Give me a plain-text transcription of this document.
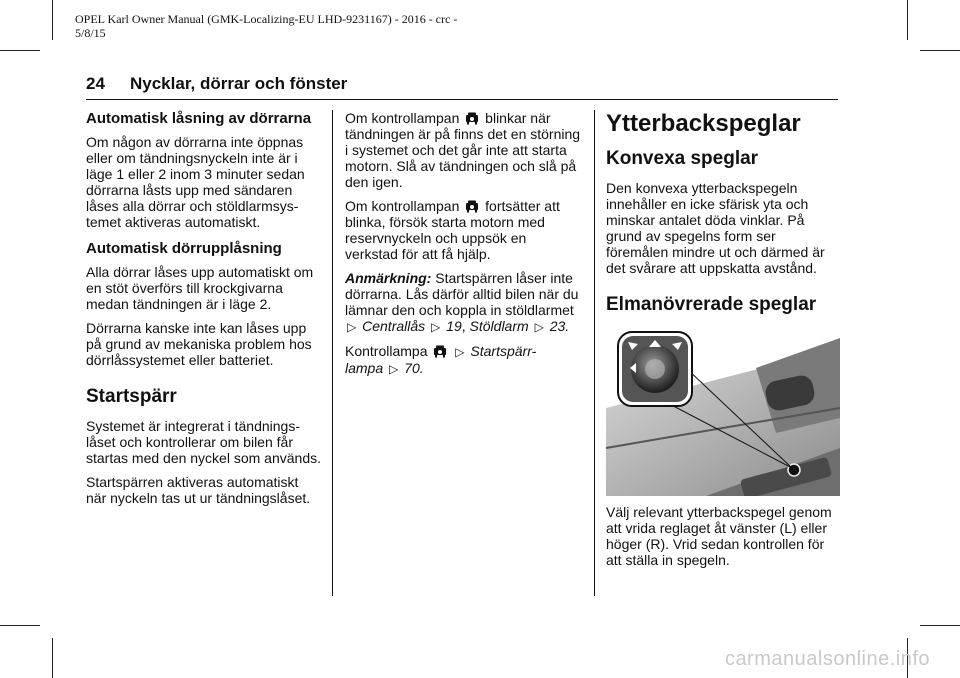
OPEL Karl Owner Manual (GMK-Localizing-EU LHD-9231167) - 2016 - crc -
5/8/15
24 Nycklar, dörrar och fönster
Automatisk låsning av dörrarna

Om någon av dörrarna inte öppnas eller om tändningsnyckeln inte är i läge 1 eller 2 inom 3 minuter sedan dörrarna låsts upp med sändaren låses alla dörrar och stöldlarmsys-temet aktiveras automatiskt.

Automatisk dörrupplåsning

Alla dörrar låses upp automatiskt om en stöt överförs till krockgivarna medan tändningen är i läge 2.

Dörrarna kanske inte kan låses upp på grund av mekaniska problem hos dörrlåssystemet eller batteriet.

Startspärr

Systemet är integrerat i tändnings-låset och kontrollerar om bilen får startas med den nyckel som används.

Startspärren aktiveras automatiskt när nyckeln tas ut ur tändningslåset.

Om kontrollampan blinkar när tändningen är på finns det en störning i systemet och det går inte att starta motorn. Slå av tändningen och slå på den igen.

Om kontrollampan fortsätter att blinka, försök starta motorn med reservnyckeln och uppsök en verkstad för att få hjälp.

Anmärkning: Startspärren låser inte dörrarna. Lås därför alltid bilen när du lämnar den och koppla in stöldlarmet ▷ Centrallås ▷ 19, Stöldlarm ▷ 23.

Kontrollampa ▷ Startspärr-
lampa ▷ 70.

Ytterbackspeglar
Konvexa speglar

Den konvexa ytterbackspegeln innehåller en icke sfärisk yta och minskar antalet döda vinklar. På grund av spegelns form ser föremålen mindre ut och därmed är det svårare att uppskatta avstånd.

Elmanövrerade speglar

Välj relevant ytterbackspegel genom att vrida reglaget åt vänster (L) eller höger (R). Vrid sedan kontrollen för att ställa in spegeln.

carmanualsonline.info
